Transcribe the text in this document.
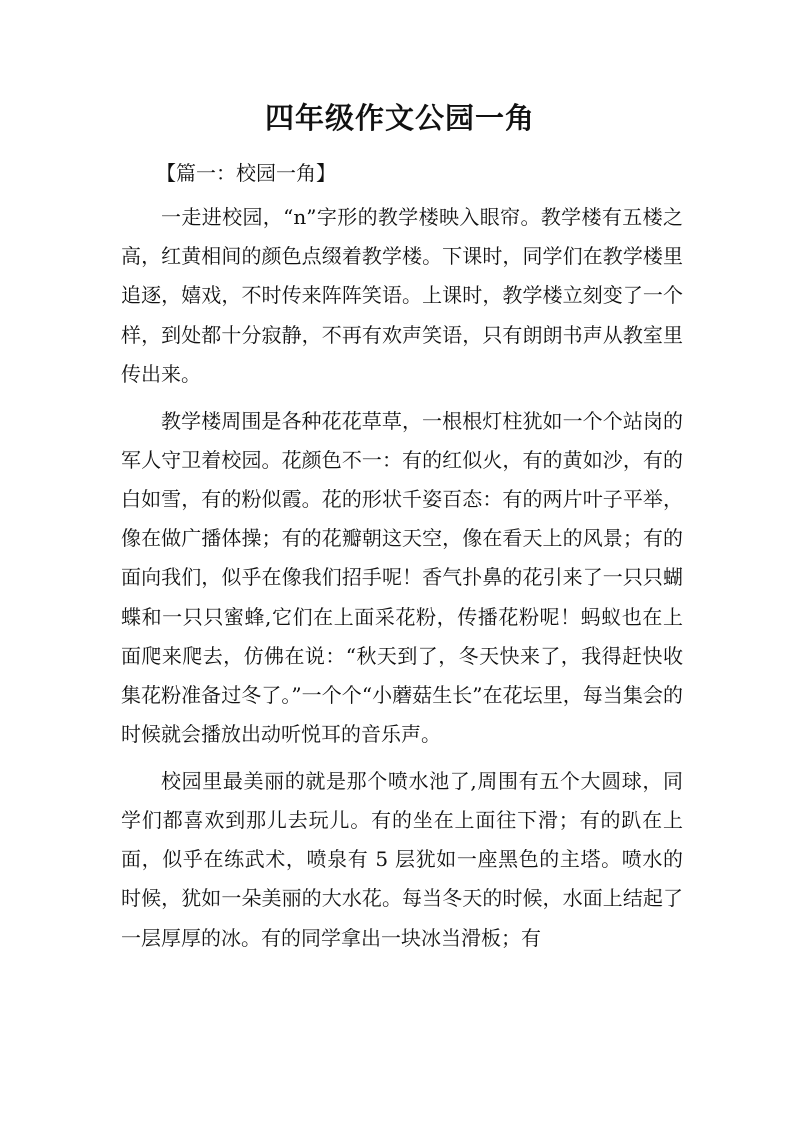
四年级作文公园一角

【篇一：校园一角】

一走进校园，“n”字形的教学楼映入眼帘。教学楼有五楼之高，红黄相间的颜色点缀着教学楼。下课时，同学们在教学楼里追逐，嬉戏，不时传来阵阵笑语。上课时，教学楼立刻变了一个样，到处都十分寂静，不再有欢声笑语，只有朗朗书声从教室里传出来。

教学楼周围是各种花花草草，一根根灯柱犹如一个个站岗的军人守卫着校园。花颜色不一：有的红似火，有的黄如沙，有的白如雪，有的粉似霞。花的形状千姿百态：有的两片叶子平举，像在做广播体操；有的花瓣朝这天空，像在看天上的风景；有的面向我们，似乎在像我们招手呢！香气扑鼻的花引来了一只只蝴蝶和一只只蜜蜂,它们在上面采花粉，传播花粉呢！蚂蚁也在上面爬来爬去，仿佛在说：“秋天到了，冬天快来了，我得赶快收集花粉准备过冬了。”一个个“小蘑菇生长”在花坛里，每当集会的时候就会播放出动听悦耳的音乐声。

校园里最美丽的就是那个喷水池了,周围有五个大圆球，同学们都喜欢到那儿去玩儿。有的坐在上面往下滑；有的趴在上面，似乎在练武术，喷泉有 5 层犹如一座黑色的主塔。喷水的时候，犹如一朵美丽的大水花。每当冬天的时候，水面上结起了一层厚厚的冰。有的同学拿出一块冰当滑板；有
